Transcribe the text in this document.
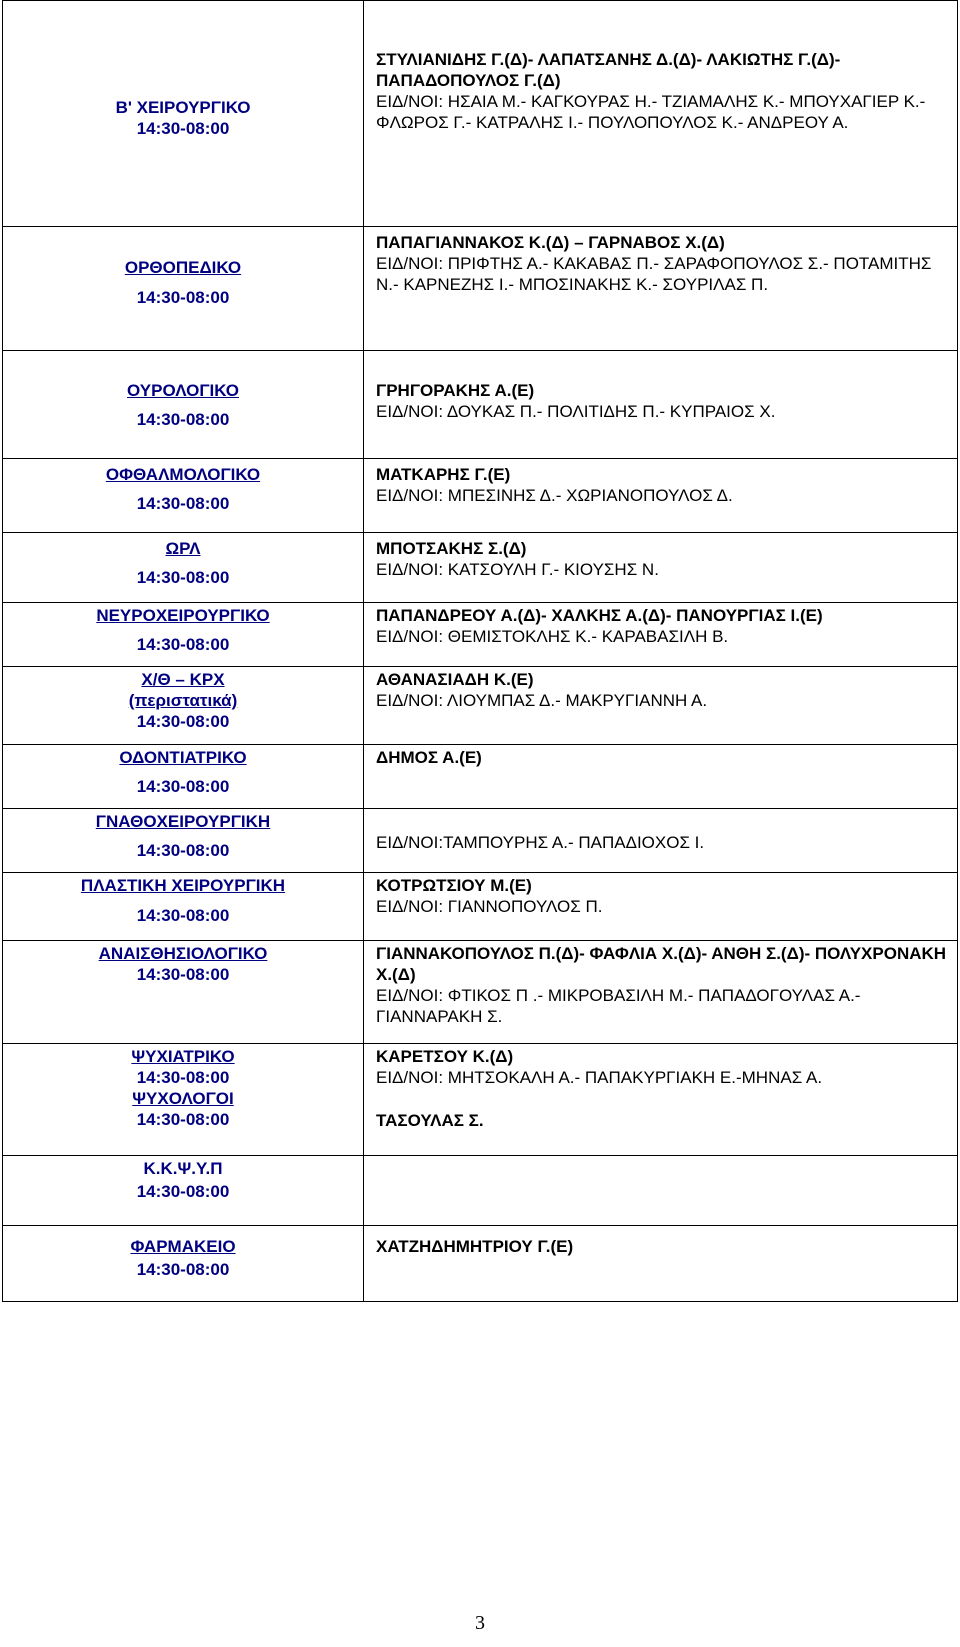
Β' ΧΕΙΡΟΥΡΓΙΚΟ
14:30-08:00	ΣΤΥΛΙΑΝΙΔΗΣ Γ.(Δ)- ΛΑΠΑΤΣΑΝΗΣ Δ.(Δ)- ΛΑΚΙΩΤΗΣ Γ.(Δ)- ΠΑΠΑΔΟΠΟΥΛΟΣ Γ.(Δ)
ΕΙΔ/ΝΟΙ: ΗΣΑΙΑ Μ.- ΚΑΓΚΟΥΡΑΣ Η.- ΤΖΙΑΜΑΛΗΣ Κ.- ΜΠΟΥΧΑΓΙΕΡ Κ.- ΦΛΩΡΟΣ Γ.- ΚΑΤΡΑΛΗΣ Ι.- ΠΟΥΛΟΠΟΥΛΟΣ Κ.- ΑΝΔΡΕΟΥ Α.

ΟΡΘΟΠΕΔΙΚΟ
14:30-08:00	ΠΑΠΑΓΙΑΝΝΑΚΟΣ Κ.(Δ) – ΓΑΡΝΑΒΟΣ Χ.(Δ)
ΕΙΔ/ΝΟΙ: ΠΡΙΦΤΗΣ Α.- ΚΑΚΑΒΑΣ Π.- ΣΑΡΑΦΟΠΟΥΛΟΣ Σ.- ΠΟΤΑΜΙΤΗΣ Ν.- ΚΑΡΝΕΖΗΣ Ι.- ΜΠΟΣΙΝΑΚΗΣ Κ.- ΣΟΥΡΙΛΑΣ Π.

ΟΥΡΟΛΟΓΙΚΟ
14:30-08:00	ΓΡΗΓΟΡΑΚΗΣ Α.(Ε)
ΕΙΔ/ΝΟΙ: ΔΟΥΚΑΣ Π.- ΠΟΛΙΤΙΔΗΣ Π.- ΚΥΠΡΑΙΟΣ Χ.

ΟΦΘΑΛΜΟΛΟΓΙΚΟ
14:30-08:00	ΜΑΤΚΑΡΗΣ Γ.(Ε)
ΕΙΔ/ΝΟΙ: ΜΠΕΣΙΝΗΣ Δ.- ΧΩΡΙΑΝΟΠΟΥΛΟΣ Δ.

ΩΡΛ
14:30-08:00	ΜΠΟΤΣΑΚΗΣ Σ.(Δ)
ΕΙΔ/ΝΟΙ: ΚΑΤΣΟΥΛΗ Γ.- ΚΙΟΥΣΗΣ Ν.

ΝΕΥΡΟΧΕΙΡΟΥΡΓΙΚΟ
14:30-08:00	ΠΑΠΑΝΔΡΕΟΥ Α.(Δ)- ΧΑΛΚΗΣ Α.(Δ)- ΠΑΝΟΥΡΓΙΑΣ Ι.(Ε)
ΕΙΔ/ΝΟΙ: ΘΕΜΙΣΤΟΚΛΗΣ Κ.- ΚΑΡΑΒΑΣΙΛΗ Β.

Χ/Θ – ΚΡΧ
(περιστατικά)
14:30-08:00	ΑΘΑΝΑΣΙΑΔΗ Κ.(Ε)
ΕΙΔ/ΝΟΙ: ΛΙΟΥΜΠΑΣ Δ.- ΜΑΚΡΥΓΙΑΝΝΗ Α.

ΟΔΟΝΤΙΑΤΡΙΚΟ
14:30-08:00	ΔΗΜΟΣ Α.(Ε)

ΓΝΑΘΟΧΕΙΡΟΥΡΓΙΚΗ
14:30-08:00	ΕΙΔ/ΝΟΙ:ΤΑΜΠΟΥΡΗΣ Α.- ΠΑΠΑΔΙΟΧΟΣ Ι.

ΠΛΑΣΤΙΚΗ ΧΕΙΡΟΥΡΓΙΚΗ
14:30-08:00	ΚΟΤΡΩΤΣΙΟΥ Μ.(Ε)
ΕΙΔ/ΝΟΙ: ΓΙΑΝΝΟΠΟΥΛΟΣ Π.

ΑΝΑΙΣΘΗΣΙΟΛΟΓΙΚΟ
14:30-08:00	ΓΙΑΝΝΑΚΟΠΟΥΛΟΣ Π.(Δ)- ΦΑΦΛΙΑ Χ.(Δ)- ΑΝΘΗ Σ.(Δ)- ΠΟΛΥΧΡΟΝΑΚΗ Χ.(Δ)
ΕΙΔ/ΝΟΙ: ΦΤΙΚΟΣ Π .- ΜΙΚΡΟΒΑΣΙΛΗ Μ.- ΠΑΠΑΔΟΓΟΥΛΑΣ Α.- ΓΙΑΝΝΑΡΑΚΗ Σ.

ΨΥΧΙΑΤΡΙΚΟ
14:30-08:00
ΨΥΧΟΛΟΓΟΙ
14:30-08:00	ΚΑΡΕΤΣΟΥ Κ.(Δ)
ΕΙΔ/ΝΟΙ: ΜΗΤΣΟΚΑΛΗ Α.- ΠΑΠΑΚΥΡΓΙΑΚΗ Ε.-ΜΗΝΑΣ Α.
ΤΑΣΟΥΛΑΣ Σ.

Κ.Κ.Ψ.Υ.Π
14:30-08:00	

ΦΑΡΜΑΚΕΙΟ
14:30-08:00	ΧΑΤΖΗΔΗΜΗΤΡΙΟΥ Γ.(Ε)
3
